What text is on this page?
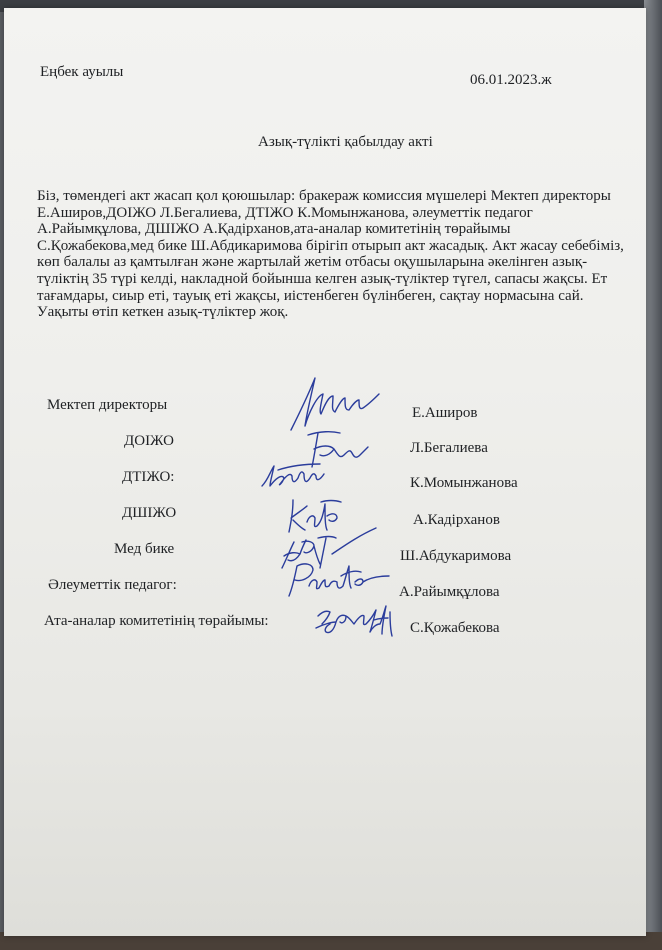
Еңбек ауылы	06.01.2023.ж
Азық-түлікті қабылдау акті
Біз, төмендегі акт жасап қол қоюшылар: бракераж комиссия мүшелері Мектеп директоры
Е.Аширов,ДОІЖО Л.Бегалиева, ДТІЖО К.Момынжанова, әлеуметтік педагог
А.Райымқұлова, ДШІЖО А.Қадірханов,ата-аналар комитетінің төрайымы
С.Қожабекова,мед бике Ш.Абдикаримова бірігіп отырып акт жасадық. Акт жасау себебіміз,
көп балалы аз қамтылған және жартылай жетім отбасы оқушыларына әкелінген азық-
түліктің 35 түрі келді, накладной бойынша келген азық-түліктер түгел, сапасы жақсы. Ет
тағамдары, сиыр еті, тауық еті жақсы, иістенбеген бүлінбеген, сақтау нормасына сай.
Уақыты өтіп кеткен азық-түліктер жоқ.
Мектеп директоры
ДОІЖО
ДТІЖО:
ДШІЖО
Мед бике
Әлеуметтік педагог:
Ата-аналар комитетінің төрайымы:
Е.Аширов
Л.Бегалиева
К.Момынжанова
А.Кадірханов
Ш.Абдукаримова
А.Райымқұлова
С.Қожабекова
